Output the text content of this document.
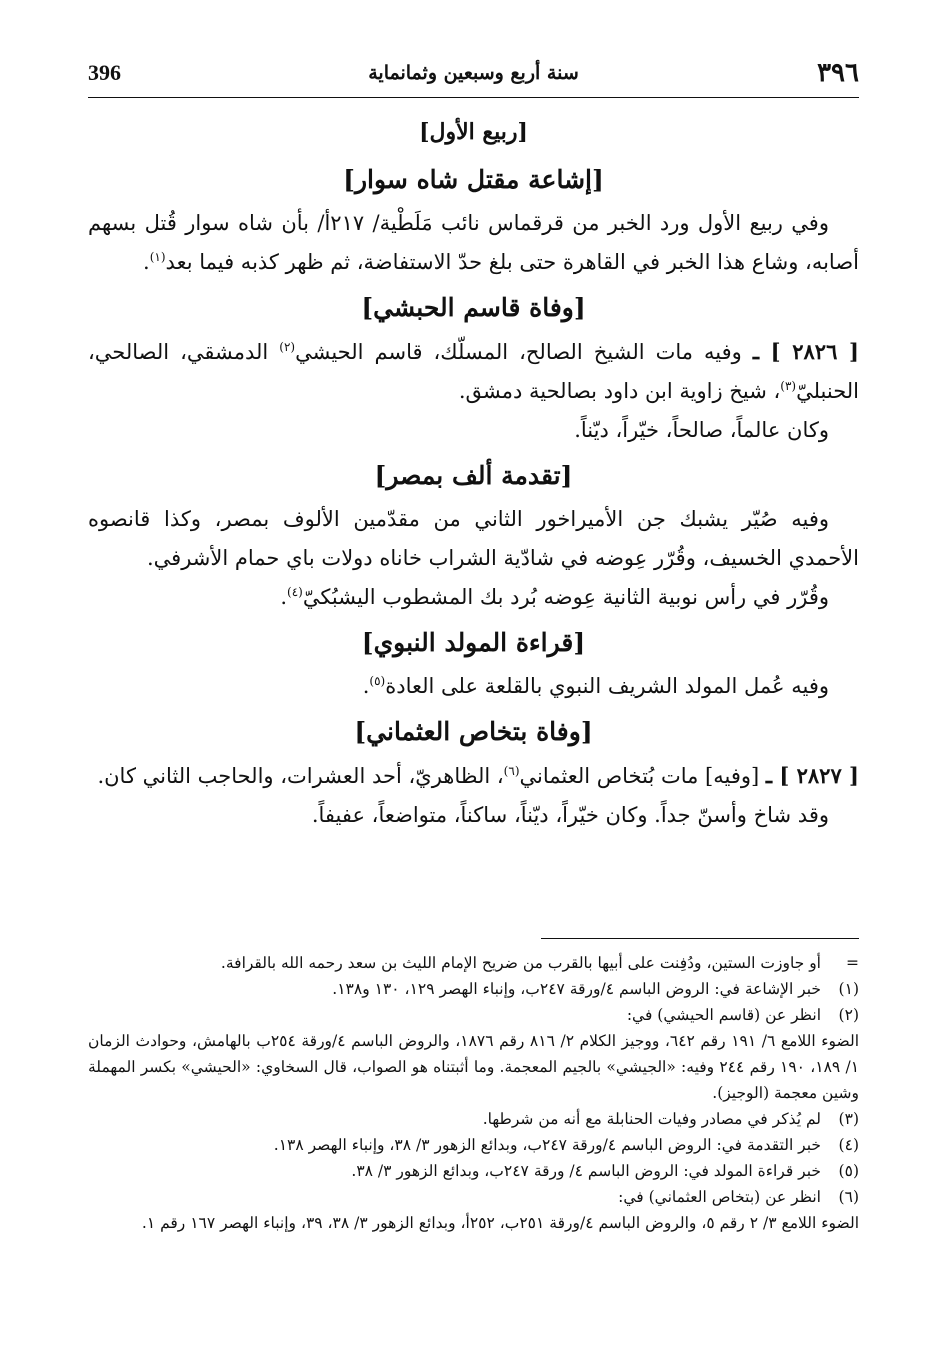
٣٩٦
سنة أربع وسبعين وثمانماية
396
[ربيع الأول]
[إشاعة مقتل شاه سوار]

وفي ربيع الأول ورد الخبر من قرقماس نائب مَلَطْية/ ٢١٧أ/ بأن شاه سوار قُتل بسهم أصابه، وشاع هذا الخبر في القاهرة حتى بلغ حدّ الاستفاضة، ثم ظهر كذبه فيما بعد$^{(١)}$.

[وفاة قاسم الحبشي]

[ ٢٨٢٦ ] ـ وفيه مات الشيخ الصالح، المسلّك، قاسم الحيشي$^{(٢)}$ الدمشقي، الصالحي، الحنبليّ$^{(٣)}$، شيخ زاوية ابن داود بصالحية دمشق.

وكان عالماً، صالحاً، خيّراً، ديّناً.

[تقدمة ألف بمصر]

وفيه صُيّر يشبك جن الأميراخور الثاني من مقدّمين الألوف بمصر، وكذا قانصوه الأحمدي الخسيف، وقُرّر عِوضه في شادّية الشراب خاناه دولات باي حمام الأشرفي.

وقُرّر في رأس نوبية الثانية عِوضه بُرد بك المشطوب اليشبُكيّ$^{(٤)}$.

[قراءة المولد النبوي]

وفيه عُمل المولد الشريف النبوي بالقلعة على العادة$^{(٥)}$.

[وفاة بتخاص العثماني]

[ ٢٨٢٧ ] ـ [وفيه] مات بُتخاص العثماني$^{(٦)}$، الظاهريّ، أحد العشرات، والحاجب الثاني كان.

وقد شاخ وأسنّ جداً. وكان خيّراً، ديّناً، ساكناً، متواضعاً، عفيفاً.

=
أو جاوزت الستين، ودُفِنت على أبيها بالقرب من ضريح الإمام الليث بن سعد رحمه الله بالقرافة.
(١)
خبر الإشاعة في: الروض الباسم ٤/ورقة ٢٤٧ب، وإنباء الهصر ١٢٩، ١٣٠ و١٣٨.
(٢)
انظر عن (قاسم الحيشي) في:
الضوء اللامع ٦/ ١٩١ رقم ٦٤٢، ووجيز الكلام ٢/ ٨١٦ رقم ١٨٧٦، والروض الباسم ٤/ورقة ٢٥٤ب بالهامش، وحوادث الزمان ١/ ١٨٩، ١٩٠ رقم ٢٤٤ وفيه: «الجيشي» بالجيم المعجمة. وما أثبتناه هو الصواب، قال السخاوي: «الحيشي» بكسر المهملة وشين معجمة (الوجيز).
(٣)
لم يُذكر في مصادر وفيات الحنابلة مع أنه من شرطها.
(٤)
خبر التقدمة في: الروض الباسم ٤/ورقة ٢٤٧ب، وبدائع الزهور ٣/ ٣٨، وإنباء الهصر ١٣٨.
(٥)
خبر قراءة المولد في: الروض الباسم ٤/ ورقة ٢٤٧ب، وبدائع الزهور ٣/ ٣٨.
(٦)
انظر عن (بتخاص العثماني) في:
الضوء اللامع ٣/ ٢ رقم ٥، والروض الباسم ٤/ورقة ٢٥١ب، ٢٥٢أ، وبدائع الزهور ٣/ ٣٨، ٣٩، وإنباء الهصر ١٦٧ رقم ١.
